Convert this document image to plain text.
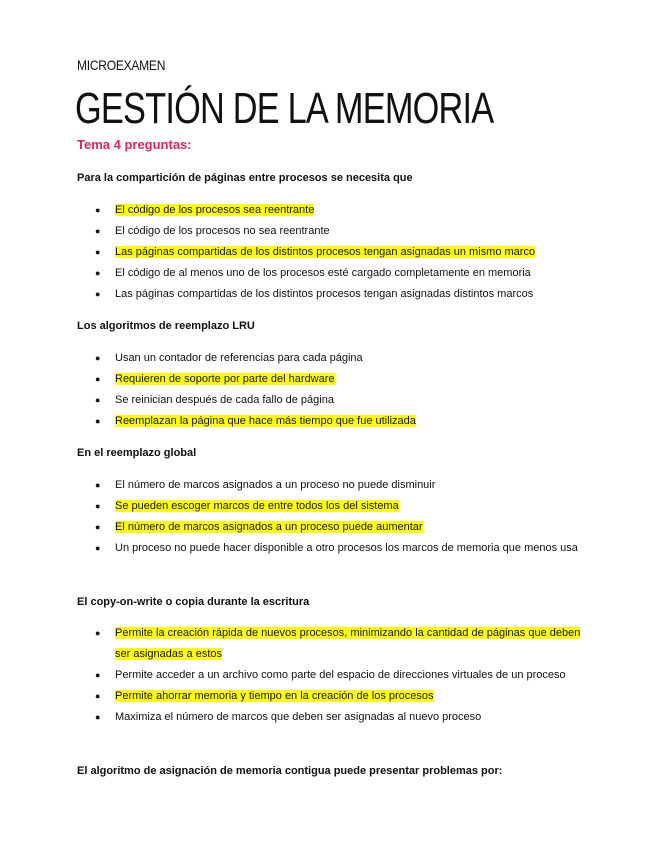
MICROEXAMEN
GESTIÓN DE LA MEMORIA
Tema 4 preguntas:
Para la compartición de páginas entre procesos se necesita que
● El código de los procesos sea reentrante
● El código de los procesos no sea reentrante
● Las páginas compartidas de los distintos procesos tengan asignadas un mismo marco
● El código de al menos uno de los procesos esté cargado completamente en memoria
● Las páginas compartidas de los distintos procesos tengan asignadas distintos marcos
Los algoritmos de reemplazo LRU
● Usan un contador de referencias para cada página
● Requieren de soporte por parte del hardware
● Se reinician después de cada fallo de página
● Reemplazan la página que hace más tiempo que fue utilizada
En el reemplazo global
● El número de marcos asignados a un proceso no puede disminuir
● Se pueden escoger marcos de entre todos los del sistema
● El número de marcos asignados a un proceso puede aumentar
● Un proceso no puede hacer disponible a otro procesos los marcos de memoria que menos usa
El copy-on-write o copia durante la escritura
● Permite la creación rápida de nuevos procesos, minimizando la cantidad de páginas que deben ser asignadas a estos
● Permite acceder a un archivo como parte del espacio de direcciones virtuales de un proceso
● Permite ahorrar memoria y tiempo en la creación de los procesos
● Maximiza el número de marcos que deben ser asignadas al nuevo proceso
El algoritmo de asignación de memoria contigua puede presentar problemas por:
